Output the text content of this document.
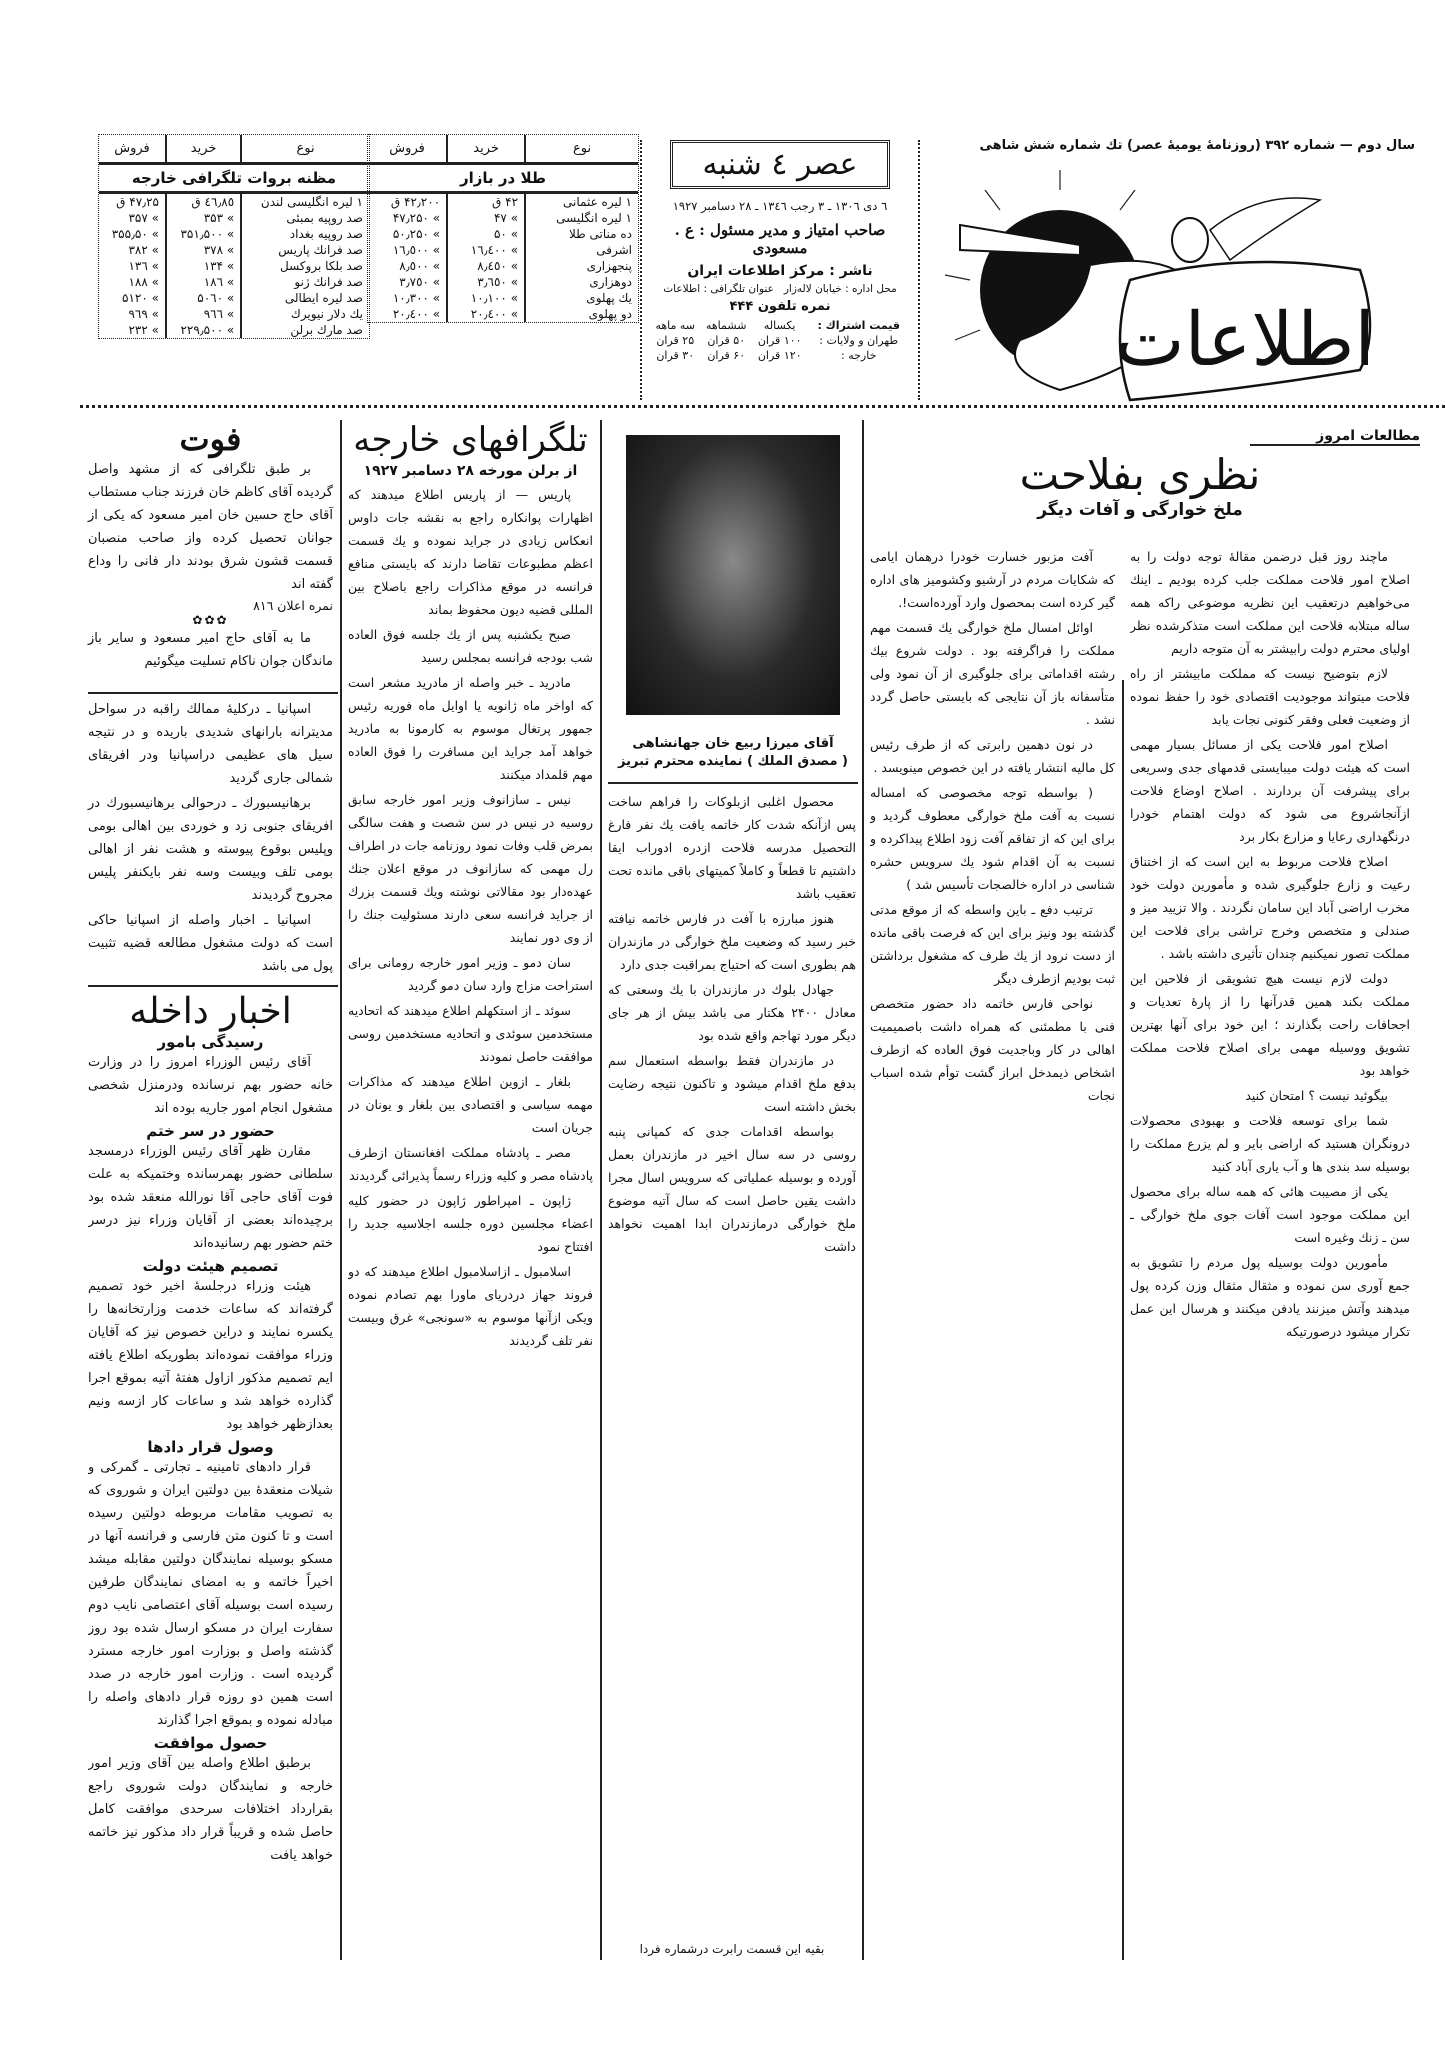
سال دوم — شماره ۳۹۲ (روزنامهٔ یومیهٔ عصر) تك شماره شش شاهی
اطلاعات
عصر ٤ شنبه
٦ دی ١٣٠٦ ـ ٣ رجب ١٣٤٦ ـ ٢٨ دسامبر ١٩٢٧
صاحب امتیاز و مدیر مسئول : ع . مسعودی
ناشر : مرکز اطلاعات ایران
محل اداره : خیابان لاله‌زار   عنوان تلگرافی : اطلاعات
نمره تلفون ۴۴۴
قیمت اشتراك :	یکساله	ششماهه	سه ماهه
طهران و ولایات :	۱۰۰ قران	۵۰ قران	۲۵ قران
خارجه :	۱۲۰ قران	۶۰ قران	۳۰ قران
طلا در بازار		
نوع	خرید	فروش
۱ لیره عثمانی	۴۲ ق	۴۲٫۲۰۰ ق
۱ لیره انگلیسی	» ۴۷	» ۴۷٫۲۵۰
ده مناتی طلا	» ۵۰	» ۵۰٫۲۵۰
اشرفی	» ١٦٫٤٠٠	» ١٦٫٥٠٠
پنجهزاری	» ٨٫٤٥٠	» ٨٫٥٠٠
دوهزاری	» ٣٫٦٥٠	» ٣٫٧٥٠
یك پهلوی	» ١٠٫١٠٠	» ١٠٫٣٠٠
دو پهلوی	» ٢٠٫٤٠٠	» ٢٠٫٤٠٠
مظنه بروات تلگرافی خارجه		
نوع	خرید	فروش
۱ لیره انگلیسی لندن	٤٦٫٨٥ ق	۴۷٫۲۵ ق
صد روپیه بمبئی	» ۳۵۳	» ۳۵۷
صد روپیه بغداد	» ۳۵۱٫۵۰۰	» ۳۵۵٫۵۰
صد فرانك پاریس	» ۳۷۸	» ۳۸۲
صد بلکا بروکسل	» ۱۳۴	» ۱۳٦
صد فرانك ژنو	» ۱۸٦	» ۱۸۸
صد لیره ایطالی	» ۵۰٦۰	» ۵۱۲۰
یك دلار نیویرك	» ۹٦٦	» ۹٦۹
صد مارك برلن	» ۲۲۹٫۵۰۰	» ۲۳۲
مطالعات امروز
نظری بفلاحت
ملخ خوارگی و آفات دیگر

ماچند روز قبل درضمن مقالهٔ توجه دولت را به اصلاح امور فلاحت مملکت جلب کرده بودیم ـ اینك می‌خواهیم درتعقیب این نظریه موضوعی راکه همه ساله مبتلابه فلاحت این مملکت است متذکرشده نظر اولیای محترم دولت رابیشتر به آن متوجه داریم

لازم بتوضیح نیست که مملکت مابیشتر از راه فلاحت میتواند موجودیت اقتصادی خود را حفظ نموده از وضعیت فعلی وفقر کنونی نجات یابد

اصلاح امور فلاحت یکی از مسائل بسیار مهمی است که هیئت دولت میبایستی قدمهای جدی وسریعی برای پیشرفت آن بردارند . اصلاح اوضاع فلاحت ازآنجاشروع می شود که دولت اهتمام خودرا درنگهداری رعایا و مزارع بکار برد

اصلاح فلاحت مربوط به این است که از اختناق رعیت و زارع جلوگیری شده و مأمورین دولت خود مخرب اراضی آباد این سامان نگردند . والا تزیید میز و صندلی و متخصص وخرج تراشی برای فلاحت این مملکت تصور نمیکنیم چندان تأثیری داشته باشد .

دولت لازم نیست هیچ تشویقی از فلاحین این مملکت بکند همین قدرآنها را از پارهٔ تعدیات و اجحافات راحت بگذارند ؛ این خود برای آنها بهترین تشویق ووسیله مهمی برای اصلاح فلاحت مملکت خواهد بود

بیگوئید نیست ؟ امتحان کنید

شما برای توسعه فلاحت و بهبودی محصولات درونگران هستید که اراضی بایر و لم یزرع مملکت را بوسیله سد بندی ها و آب یاری آباد کنید

یکی از مصیبت هائی که همه ساله برای محصول این مملکت موجود است آفات جوی ملخ خوارگی ـ سن ـ زنك وغیره است

مأمورین دولت بوسیله پول مردم را تشویق به جمع آوری سن نموده و مثقال مثقال وزن کرده پول میدهند وآتش میزنند یادفن میکنند و هرسال این عمل تکرار میشود درصورتیکه

آفت مزبور خسارت خودرا درهمان ایامی که شکایات مردم در آرشیو وکشومیز های اداره گیر کرده است بمحصول وارد آورده‌است!.

اوائل امسال ملخ خوارگی یك قسمت مهم مملکت را فراگرفته بود . دولت شروع بیك رشته اقداماتی برای جلوگیری از آن نمود ولی متأسفانه باز آن نتایجی که بایستی حاصل گردد نشد .

در نون دهمین رابرتی که از طرف رئیس کل مالیه انتشار یافته در این خصوص مینویسد .

( بواسطه توجه مخصوصی که امساله نسبت به آفت ملخ خوارگی معطوف گردید و برای این که از تفاقم آفت زود اطلاع پیداکرده و نسبت به آن اقدام شود یك سرویس حشره شناسی در اداره خالصجات تأسیس شد )

ترتیب دفع ـ باین واسطه که از موقع مدتی گذشته بود ونیز برای این که فرصت باقی مانده از دست نرود از یك طرف که مشغول برداشتن ثبت بودیم ازطرف دیگر

نواحی فارس خاتمه داد حضور متخصص فنی با مطمئنی که همراه داشت باصمیمیت اهالی در کار وباجدیت فوق العاده که ازطرف اشخاص ذیمدخل ابراز گشت توأم شده اسباب نجات

آقای میرزا ربیع خان جهانشاهی
( مصدق الملك ) نماینده محترم تبریز

محصول اغلبی ازبلوکات را فراهم ساخت پس ازآنکه شدت کار خاتمه یافت یك نفر فارغ التحصیل مدرسه فلاحت ازدره ادوراب ایقا داشتیم تا قطعاً و کاملاً کمیتهای باقی مانده تحت تعقیب باشد

هنوز مبارزه با آفت در فارس خاتمه نیافته خبر رسید که وضعیت ملخ خوارگی در مازندران هم بطوری است که احتیاج بمراقبت جدی دارد

جهادل بلوك در مازندران با یك وسعتی که معادل ۲۴۰۰ هکتار می باشد بیش از هر جای دیگر مورد تهاجم واقع شده بود

در مازندران فقط بواسطه استعمال سم بدفع ملخ اقدام میشود و تاکنون نتیجه رضایت بخش داشته است

بواسطه اقدامات جدی که کمپانی پنبه روسی در سه سال اخیر در مازندران بعمل آورده و بوسیله عملیاتی که سرویس اسال مجرا داشت یقین حاصل است که سال آتیه موضوع ملخ خوارگی درمازندران ابدا اهمیت نخواهد داشت

بقیه این قسمت رابرت درشماره فردا
تلگرافهای خارجه
از برلن مورخه ۲۸ دسامبر ۱۹۲۷

پاریس — از پاریس اطلاع میدهند که اظهارات پوانکاره راجع به نقشه جات داوس انعکاس زیادی در جراید نموده و یك قسمت اعظم مطبوعات تقاضا دارند که بایستی منافع فرانسه در موقع مذاکرات راجع باصلاح بین المللی قضیه دیون محفوظ بماند

صبح یکشنبه پس از یك جلسه فوق العاده شب بودجه فرانسه بمجلس رسید

مادرید ـ خبر واصله از مادرید مشعر است که اواخر ماه ژانویه یا اوایل ماه فوریه رئیس جمهور پرتغال موسوم به کارمونا به مادرید خواهد آمد جراید این مسافرت را فوق العاده مهم قلمداد میکنند

نیس ـ سازانوف وزیر امور خارجه سابق روسیه در نیس در سن شصت و هفت سالگی بمرض قلب وفات نمود روزنامه جات در اطراف رل مهمی که سازانوف در موقع اعلان جنك عهده‌دار بود مقالاتی نوشته ویك قسمت بزرك از جراید فرانسه سعی دارند مسئولیت جنك را از وی دور نمایند

سان دمو ـ وزیر امور خارجه رومانی برای استراحت مزاج وارد سان دمو گردید

سوئد ـ از استکهلم اطلاع میدهند که اتحادیه مستخدمین سوئدی و اتحادیه مستخدمین روسی موافقت حاصل نمودند

بلغار ـ ازوین اطلاع میدهند که مذاکرات مهمه سیاسی و اقتصادی بین بلغار و یونان در جریان است

مصر ـ پادشاه مملکت افغانستان ازطرف پادشاه مصر و کلیه وزراء رسماً پذیرائی گردیدند

ژاپون ـ امپراطور ژاپون در حضور کلیه اعضاء مجلسین دوره جلسه اجلاسیه جدید را افتتاح نمود

اسلامبول ـ ازاسلامبول اطلاع میدهند که دو فروند جهاز دردریای ماورا بهم تصادم نموده ویکی ازآنها موسوم به «سونجی» غرق وبیست نفر تلف گردیدند

فوت

بر طبق تلگرافی که از مشهد واصل گردیده آقای کاظم خان فرزند جناب مستطاب آقای حاج حسین خان امیر مسعود که یکی از جوانان تحصیل کرده واز صاحب منصبان قسمت قشون شرق بودند دار فانی را وداع گفته اند

نمره اعلان ۸۱٦
✿✿✿

ما به آقای حاج امیر مسعود و سایر باز ماندگان جوان ناکام تسلیت میگوئیم

اسپانیا ـ درکلیهٔ ممالك راقبه در سواحل مدیترانه بارانهای شدیدی باریده و در نتیجه سیل های عظیمی دراسپانیا ودر افریقای شمالی جاری گردید

برهانیسبورك ـ درحوالی برهانیسبورك در افریقای جنوبی زد و خوردی بین اهالی بومی وپلیس بوقوع پیوسته و هشت نفر از اهالی بومی تلف وبیست وسه نفر بایکنفر پلیس مجروح گردیدند

اسپانیا ـ اخبار واصله از اسپانیا حاکی است که دولت مشغول مطالعه قضیه تثبیت پول می باشد

اخبار داخله
رسیدگی بامور

آقای رئیس الوزراء امروز را در وزارت خانه حضور بهم نرسانده ودرمنزل شخصی مشغول انجام امور جاریه بوده اند

حضور در سر ختم

مقارن ظهر آقای رئیس الوزراء درمسجد سلطانی حضور بهمرسانده وختمیکه به علت فوت آقای حاجی آقا نورالله منعقد شده بود برچیده‌اند بعضی از آقایان وزراء نیز درسر ختم حضور بهم رسانیده‌اند

تصمیم هیئت دولت

هیئت وزراء درجلسهٔ اخیر خود تصمیم گرفته‌اند که ساعات خدمت وزارتخانه‌ها را یکسره نمایند و دراین خصوص نیز که آقایان وزراء موافقت نموده‌اند بطوریکه اطلاع یافته ایم تصمیم مذکور ازاول هفتهٔ آتیه بموقع اجرا گذارده خواهد شد و ساعات کار ازسه ونیم بعدازظهر خواهد بود

وصول قرار دادها

قرار دادهای تامینیه ـ تجارتی ـ گمرکی و شیلات منعقدهٔ بین دولتین ایران و شوروی که به تصویب مقامات مربوطه دولتین رسیده است و تا کنون متن فارسی و فرانسه آنها در مسکو بوسیله نمایندگان دولتین مقابله میشد اخیراً خاتمه و به امضای نمایندگان طرفین رسیده است بوسیله آقای اعتصامی نایب دوم سفارت ایران در مسکو ارسال شده بود روز گذشته واصل و بوزارت امور خارجه مسترد گردیده است . وزارت امور خارجه در صدد است همین دو روزه قرار دادهای واصله را مبادله نموده و بموقع اجرا گذارند

حصول موافقت

برطبق اطلاع واصله بین آقای وزیر امور خارجه و نمایندگان دولت شوروی راجع بقرارداد اختلافات سرحدی موافقت کامل حاصل شده و قریباً قرار داد مذکور نیز خاتمه خواهد یافت
